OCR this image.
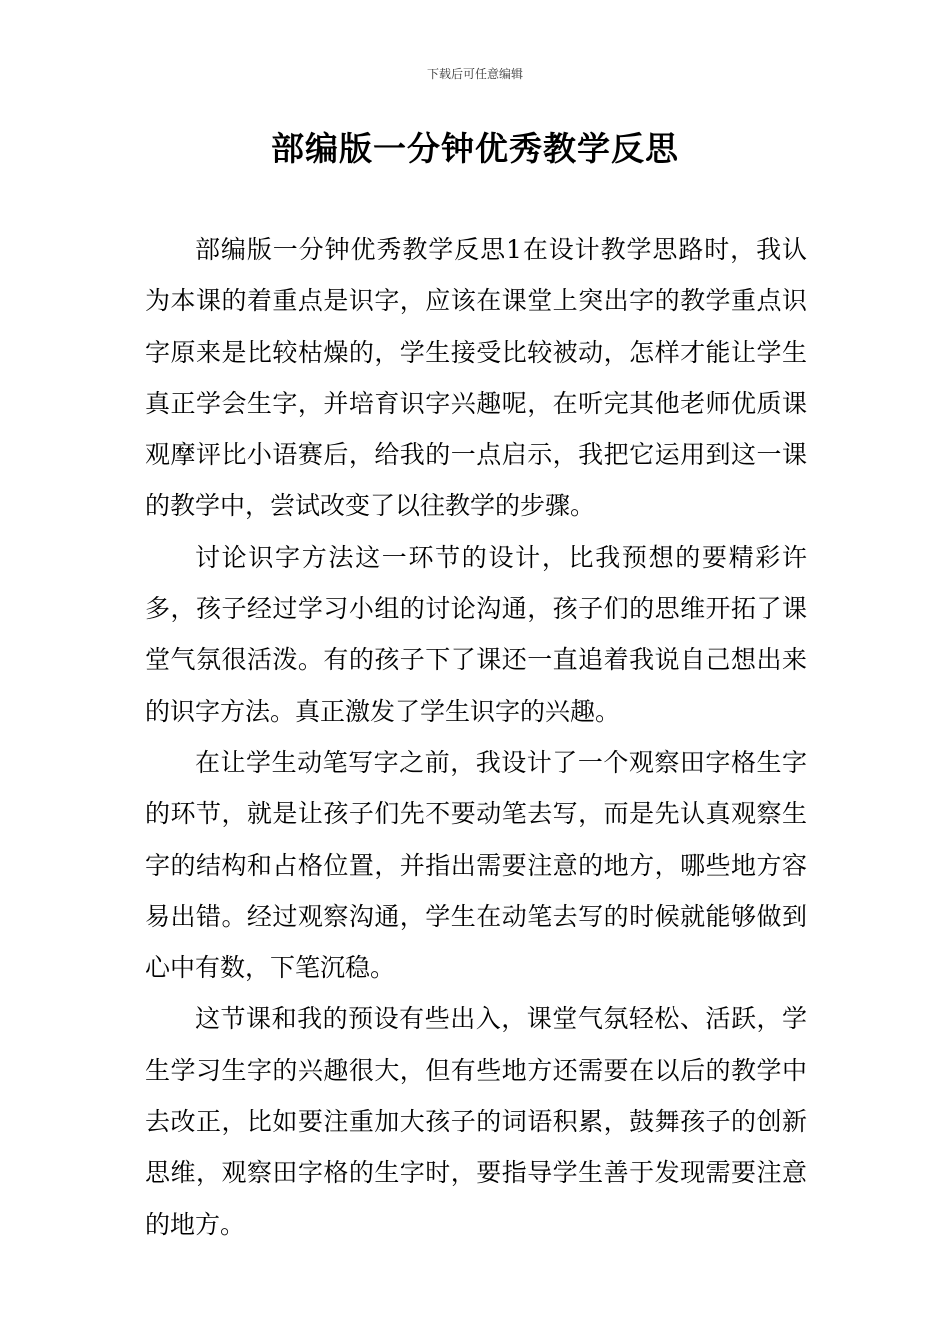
下载后可任意编辑
部编版一分钟优秀教学反思

部编版一分钟优秀教学反思1在设计教学思路时，我认为本课的着重点是识字，应该在课堂上突出字的教学重点识字原来是比较枯燥的，学生接受比较被动，怎样才能让学生真正学会生字，并培育识字兴趣呢，在听完其他老师优质课观摩评比小语赛后，给我的一点启示，我把它运用到这一课的教学中，尝试改变了以往教学的步骤。

讨论识字方法这一环节的设计，比我预想的要精彩许多，孩子经过学习小组的讨论沟通，孩子们的思维开拓了课堂气氛很活泼。有的孩子下了课还一直追着我说自己想出来的识字方法。真正激发了学生识字的兴趣。

在让学生动笔写字之前，我设计了一个观察田字格生字的环节，就是让孩子们先不要动笔去写，而是先认真观察生字的结构和占格位置，并指出需要注意的地方，哪些地方容易出错。经过观察沟通，学生在动笔去写的时候就能够做到心中有数，下笔沉稳。

这节课和我的预设有些出入，课堂气氛轻松、活跃，学生学习生字的兴趣很大，但有些地方还需要在以后的教学中去改正，比如要注重加大孩子的词语积累，鼓舞孩子的创新思维，观察田字格的生字时，要指导学生善于发现需要注意的地方。
